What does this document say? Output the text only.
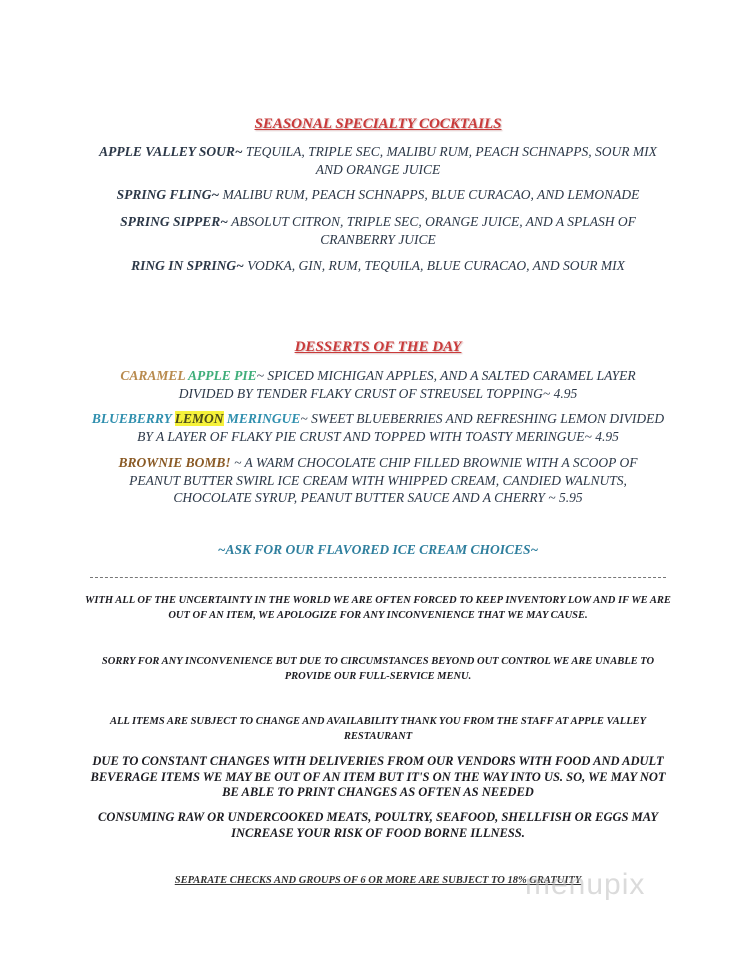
SEASONAL SPECIALTY COCKTAILS
APPLE VALLEY SOUR~ TEQUILA, TRIPLE SEC, MALIBU RUM, PEACH SCHNAPPS, SOUR MIX AND ORANGE JUICE
SPRING FLING~ MALIBU RUM, PEACH SCHNAPPS, BLUE CURACAO, AND LEMONADE
SPRING SIPPER~ ABSOLUT CITRON, TRIPLE SEC, ORANGE JUICE, AND A SPLASH OF CRANBERRY JUICE
RING IN SPRING~ VODKA, GIN, RUM, TEQUILA, BLUE CURACAO, AND SOUR MIX
DESSERTS OF THE DAY
CARAMEL APPLE PIE~ SPICED MICHIGAN APPLES, AND A SALTED CARAMEL LAYER DIVIDED BY TENDER FLAKY CRUST OF STREUSEL TOPPING~ 4.95
BLUEBERRY LEMON MERINGUE~ SWEET BLUEBERRIES AND REFRESHING LEMON DIVIDED BY A LAYER OF FLAKY PIE CRUST AND TOPPED WITH TOASTY MERINGUE~ 4.95
BROWNIE BOMB! ~ A WARM CHOCOLATE CHIP FILLED BROWNIE WITH A SCOOP OF PEANUT BUTTER SWIRL ICE CREAM WITH WHIPPED CREAM, CANDIED WALNUTS, CHOCOLATE SYRUP, PEANUT BUTTER SAUCE AND A CHERRY ~ 5.95
~ASK FOR OUR FLAVORED ICE CREAM CHOICES~
WITH ALL OF THE UNCERTAINTY IN THE WORLD WE ARE OFTEN FORCED TO KEEP INVENTORY LOW AND IF WE ARE OUT OF AN ITEM, WE APOLOGIZE FOR ANY INCONVENIENCE THAT WE MAY CAUSE.
SORRY FOR ANY INCONVENIENCE BUT DUE TO CIRCUMSTANCES BEYOND OUT CONTROL WE ARE UNABLE TO PROVIDE OUR FULL-SERVICE MENU.
ALL ITEMS ARE SUBJECT TO CHANGE AND AVAILABILITY THANK YOU FROM THE STAFF AT APPLE VALLEY RESTAURANT
DUE TO CONSTANT CHANGES WITH DELIVERIES FROM OUR VENDORS WITH FOOD AND ADULT BEVERAGE ITEMS WE MAY BE OUT OF AN ITEM BUT IT'S ON THE WAY INTO US. SO, WE MAY NOT BE ABLE TO PRINT CHANGES AS OFTEN AS NEEDED
CONSUMING RAW OR UNDERCOOKED MEATS, POULTRY, SEAFOOD, SHELLFISH OR EGGS MAY INCREASE YOUR RISK OF FOOD BORNE ILLNESS.
SEPARATE CHECKS AND GROUPS OF 6 OR MORE ARE SUBJECT TO 18% GRATUITY
menupix
